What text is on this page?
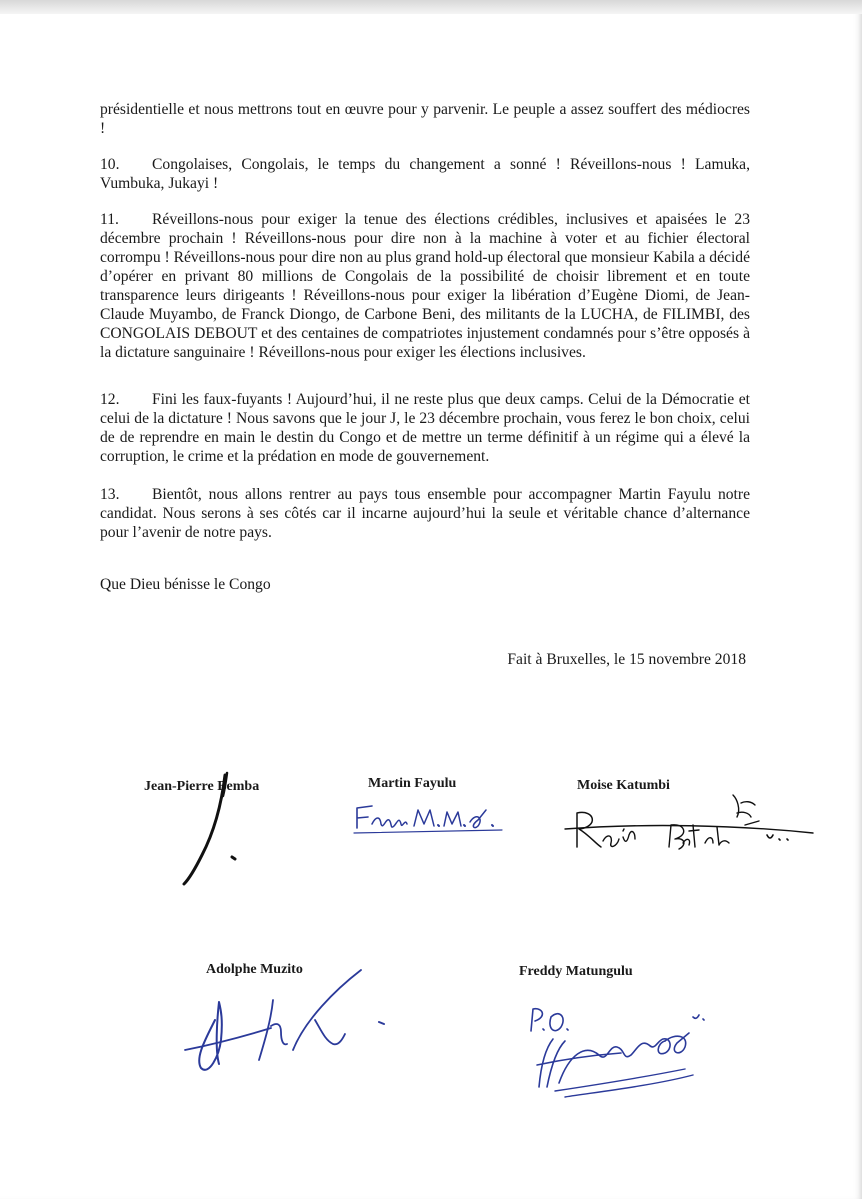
présidentielle et nous mettrons tout en œuvre pour y parvenir. Le peuple a assez souffert des médiocres !
10.	Congolaises, Congolais, le temps du changement a sonné ! Réveillons-nous ! Lamuka, Vumbuka, Jukayi !
11.	Réveillons-nous pour exiger la tenue des élections crédibles, inclusives et apaisées le 23 décembre prochain ! Réveillons-nous pour dire non à la machine à voter et au fichier électoral corrompu ! Réveillons-nous pour dire non au plus grand hold-up électoral que monsieur Kabila a décidé d’opérer en privant 80 millions de Congolais de la possibilité de choisir librement et en toute transparence leurs dirigeants ! Réveillons-nous pour exiger la libération d’Eugène Diomi, de Jean-Claude Muyambo, de Franck Diongo, de Carbone Beni, des militants de la LUCHA, de FILIMBI, des CONGOLAIS DEBOUT et des centaines de compatriotes injustement condamnés pour s’être opposés à la dictature sanguinaire ! Réveillons-nous pour exiger les élections inclusives.
12.	Fini les faux-fuyants ! Aujourd’hui, il ne reste plus que deux camps. Celui de la Démocratie et celui de la dictature ! Nous savons que le jour J, le 23 décembre prochain, vous ferez le bon choix, celui de de reprendre en main le destin du Congo et de mettre un terme définitif à un régime qui a élevé la corruption, le crime et la prédation en mode de gouvernement.
13.	Bientôt, nous allons rentrer au pays tous ensemble pour accompagner Martin Fayulu notre candidat. Nous serons à ses côtés car il incarne aujourd’hui la seule et véritable chance d’alternance pour l’avenir de notre pays.
Que Dieu bénisse le Congo
Fait à Bruxelles, le 15 novembre 2018
Jean-Pierre Bemba	Martin Fayulu	Moise Katumbi
Adolphe Muzito	Freddy Matungulu
